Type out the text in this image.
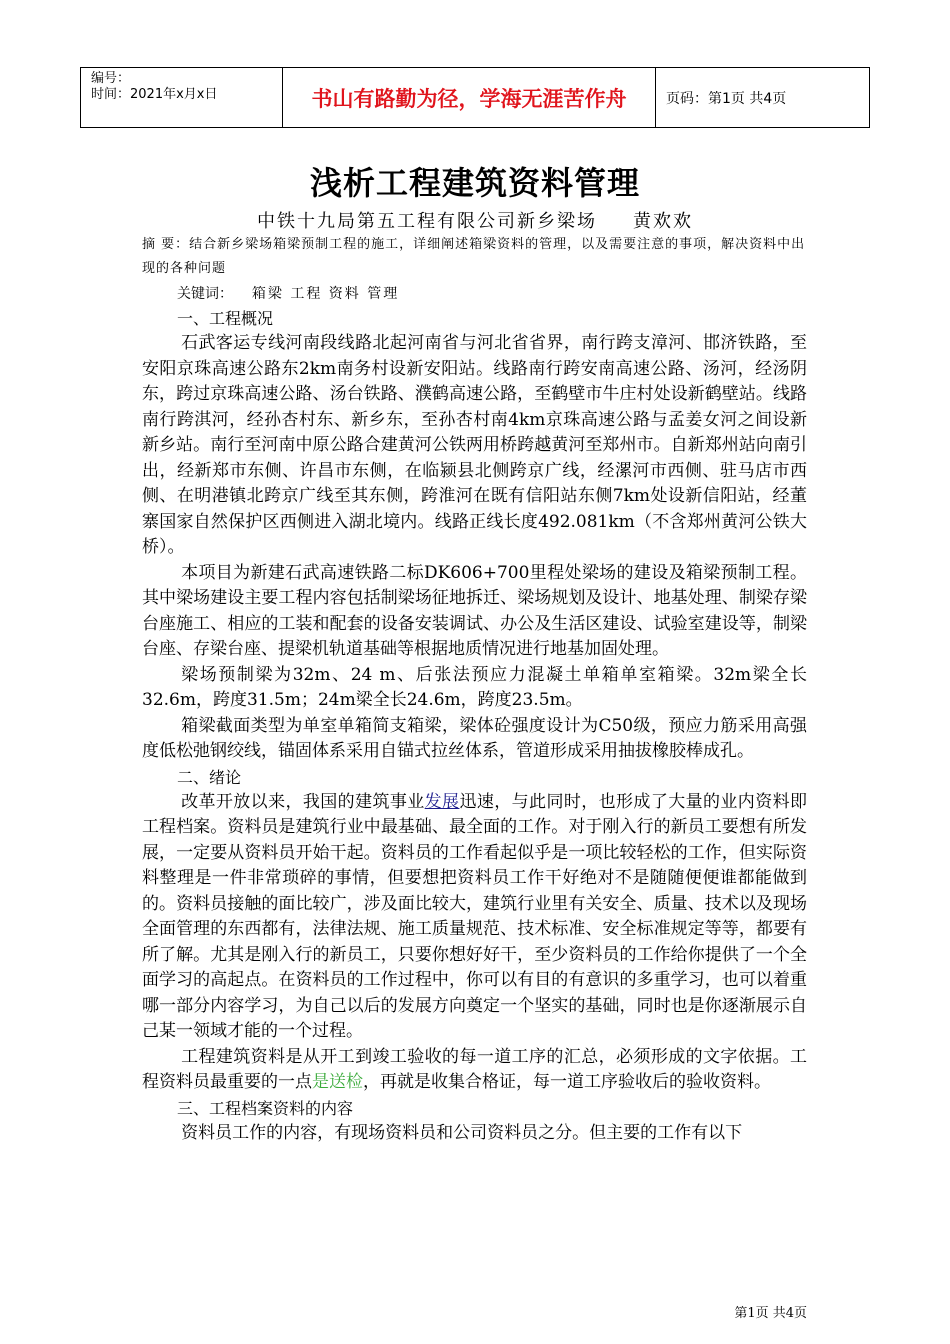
编号：
时间：2021年x月x日	书山有路勤为径，学海无涯苦作舟	页码：第1页 共4页
浅析工程建筑资料管理
中铁十九局第五工程有限公司新乡梁场 黄欢欢
摘 要：结合新乡梁场箱梁预制工程的施工，详细阐述箱梁资料的管理，以及需要注意的事项，解决资料中出现的各种问题
关键词： 箱梁 工程 资料 管理
一、工程概况

石武客运专线河南段线路北起河南省与河北省省界，南行跨支漳河、邯济铁路，至安阳京珠高速公路东2km南务村设新安阳站。线路南行跨安南高速公路、汤河，经汤阴东，跨过京珠高速公路、汤台铁路、濮鹤高速公路，至鹤壁市牛庄村处设新鹤壁站。线路南行跨淇河，经孙杏村东、新乡东，至孙杏村南4km京珠高速公路与孟姜女河之间设新新乡站。南行至河南中原公路合建黄河公铁两用桥跨越黄河至郑州市。自新郑州站向南引出，经新郑市东侧、许昌市东侧，在临颍县北侧跨京广线，经漯河市西侧、驻马店市西侧、在明港镇北跨京广线至其东侧，跨淮河在既有信阳站东侧7km处设新信阳站，经董寨国家自然保护区西侧进入湖北境内。线路正线长度492.081km（不含郑州黄河公铁大桥）。

本项目为新建石武高速铁路二标DK606+700里程处梁场的建设及箱梁预制工程。其中梁场建设主要工程内容包括制梁场征地拆迁、梁场规划及设计、地基处理、制梁存梁台座施工、相应的工装和配套的设备安装调试、办公及生活区建设、试验室建设等，制梁台座、存梁台座、提梁机轨道基础等根据地质情况进行地基加固处理。

梁场预制梁为32m、24 m、后张法预应力混凝土单箱单室箱梁。32m梁全长32.6m，跨度31.5m；24m梁全长24.6m，跨度23.5m。

箱梁截面类型为单室单箱简支箱梁，梁体砼强度设计为C50级，预应力筋采用高强度低松弛钢绞线，锚固体系采用自锚式拉丝体系，管道形成采用抽拔橡胶棒成孔。

二、绪论

改革开放以来，我国的建筑事业发展迅速，与此同时，也形成了大量的业内资料即工程档案。资料员是建筑行业中最基础、最全面的工作。对于刚入行的新员工要想有所发展，一定要从资料员开始干起。资料员的工作看起似乎是一项比较轻松的工作，但实际资料整理是一件非常琐碎的事情，但要想把资料员工作干好绝对不是随随便便谁都能做到的。资料员接触的面比较广，涉及面比较大，建筑行业里有关安全、质量、技术以及现场全面管理的东西都有，法律法规、施工质量规范、技术标准、安全标准规定等等，都要有所了解。尤其是刚入行的新员工，只要你想好好干，至少资料员的工作给你提供了一个全面学习的高起点。在资料员的工作过程中，你可以有目的有意识的多重学习，也可以着重哪一部分内容学习，为自己以后的发展方向奠定一个坚实的基础，同时也是你逐渐展示自己某一领域才能的一个过程。

工程建筑资料是从开工到竣工验收的每一道工序的汇总，必须形成的文字依据。工程资料员最重要的一点是送检，再就是收集合格证，每一道工序验收后的验收资料。

三、工程档案资料的内容

资料员工作的内容，有现场资料员和公司资料员之分。但主要的工作有以下

第1页 共4页
